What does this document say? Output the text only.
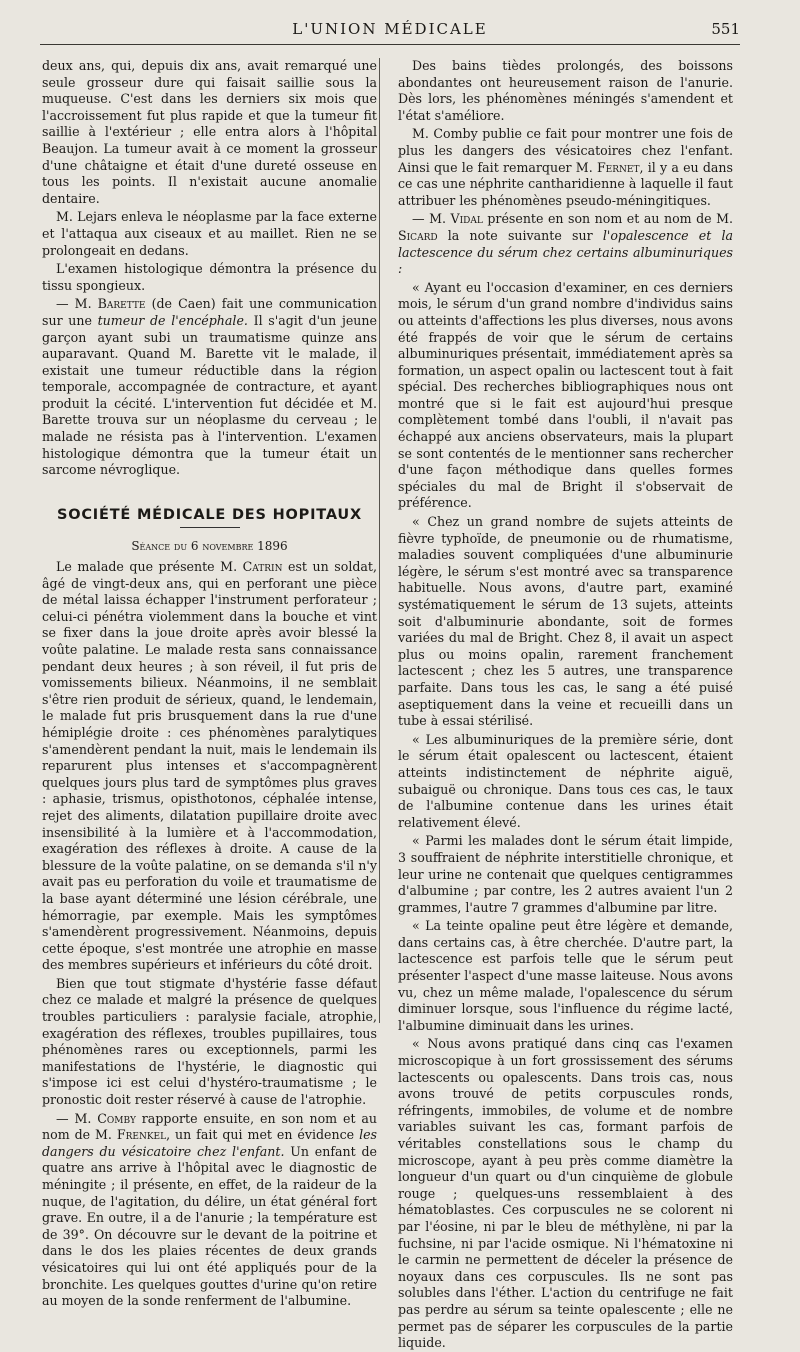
L'UNION MÉDICALE	551

deux ans, qui, depuis dix ans, avait remarqué une seule grosseur dure qui faisait saillie sous la muqueuse. C'est dans les derniers six mois que l'accroissement fut plus rapide et que la tumeur fit saillie à l'extérieur ; elle entra alors à l'hôpital Beaujon. La tumeur avait à ce moment la grosseur d'une châtaigne et était d'une dureté osseuse en tous les points. Il n'existait aucune anomalie dentaire.

M. Lejars enleva le néoplasme par la face externe et l'attaqua aux ciseaux et au maillet. Rien ne se prolongeait en dedans.

L'examen histologique démontra la présence du tissu spongieux.

— M. Barette (de Caen) fait une communication sur une tumeur de l'encéphale. Il s'agit d'un jeune garçon ayant subi un traumatisme quinze ans auparavant. Quand M. Barette vit le malade, il existait une tumeur réductible dans la région temporale, accompagnée de contracture, et ayant produit la cécité. L'intervention fut décidée et M. Barette trouva sur un néoplasme du cerveau ; le malade ne résista pas à l'intervention. L'examen histologique démontra que la tumeur était un sarcome névroglique.

SOCIÉTÉ MÉDICALE DES HOPITAUX
Séance du 6 novembre 1896

Le malade que présente M. Catrin est un soldat, âgé de vingt-deux ans, qui en perforant une pièce de métal laissa échapper l'instrument perforateur ; celui-ci pénétra violemment dans la bouche et vint se fixer dans la joue droite après avoir blessé la voûte palatine. Le malade resta sans connaissance pendant deux heures ; à son réveil, il fut pris de vomissements bilieux. Néanmoins, il ne semblait s'être rien produit de sérieux, quand, le lendemain, le malade fut pris brusquement dans la rue d'une hémiplégie droite : ces phénomènes paralytiques s'amendèrent pendant la nuit, mais le lendemain ils reparurent plus intenses et s'accompagnèrent quelques jours plus tard de symptômes plus graves : aphasie, trismus, opisthotonos, céphalée intense, rejet des aliments, dilatation pupillaire droite avec insensibilité à la lumière et à l'accommodation, exagération des réflexes à droite. A cause de la blessure de la voûte palatine, on se demanda s'il n'y avait pas eu perforation du voile et traumatisme de la base ayant déterminé une lésion cérébrale, une hémorragie, par exemple. Mais les symptômes s'amendèrent progressivement. Néanmoins, depuis cette époque, s'est montrée une atrophie en masse des membres supérieurs et inférieurs du côté droit.

Bien que tout stigmate d'hystérie fasse défaut chez ce malade et malgré la présence de quelques troubles particuliers : paralysie faciale, atrophie, exagération des réflexes, troubles pupillaires, tous phénomènes rares ou exceptionnels, parmi les manifestations de l'hystérie, le diagnostic qui s'impose ici est celui d'hystéro-traumatisme ; le pronostic doit rester réservé à cause de l'atrophie.

— M. Comby rapporte ensuite, en son nom et au nom de M. Frenkel, un fait qui met en évidence les dangers du vésicatoire chez l'enfant. Un enfant de quatre ans arrive à l'hôpital avec le diagnostic de méningite ; il présente, en effet, de la raideur de la nuque, de l'agitation, du délire, un état général fort grave. En outre, il a de l'anurie ; la température est de 39°. On découvre sur le devant de la poitrine et dans le dos les plaies récentes de deux grands vésicatoires qui lui ont été appliqués pour de la bronchite. Les quelques gouttes d'urine qu'on retire au moyen de la sonde renferment de l'albumine.

Des bains tièdes prolongés, des boissons abondantes ont heureusement raison de l'anurie. Dès lors, les phénomènes méningés s'amendent et l'état s'améliore.

M. Comby publie ce fait pour montrer une fois de plus les dangers des vésicatoires chez l'enfant. Ainsi que le fait remarquer M. Fernet, il y a eu dans ce cas une néphrite cantharidienne à laquelle il faut attribuer les phénomènes pseudo-méningitiques.

— M. Vidal présente en son nom et au nom de M. Sicard la note suivante sur l'opalescence et la lactescence du sérum chez certains albuminuriques :

« Ayant eu l'occasion d'examiner, en ces derniers mois, le sérum d'un grand nombre d'individus sains ou atteints d'affections les plus diverses, nous avons été frappés de voir que le sérum de certains albuminuriques présentait, immédiatement après sa formation, un aspect opalin ou lactescent tout à fait spécial. Des recherches bibliographiques nous ont montré que si le fait est aujourd'hui presque complètement tombé dans l'oubli, il n'avait pas échappé aux anciens observateurs, mais la plupart se sont contentés de le mentionner sans rechercher d'une façon méthodique dans quelles formes spéciales du mal de Bright il s'observait de préférence.

« Chez un grand nombre de sujets atteints de fièvre typhoïde, de pneumonie ou de rhumatisme, maladies souvent compliquées d'une albuminurie légère, le sérum s'est montré avec sa transparence habituelle. Nous avons, d'autre part, examiné systématiquement le sérum de 13 sujets, atteints soit d'albuminurie abondante, soit de formes variées du mal de Bright. Chez 8, il avait un aspect plus ou moins opalin, rarement franchement lactescent ; chez les 5 autres, une transparence parfaite. Dans tous les cas, le sang a été puisé aseptiquement dans la veine et recueilli dans un tube à essai stérilisé.

« Les albuminuriques de la première série, dont le sérum était opalescent ou lactescent, étaient atteints indistinctement de néphrite aiguë, subaiguë ou chronique. Dans tous ces cas, le taux de l'albumine contenue dans les urines était relativement élevé.

« Parmi les malades dont le sérum était limpide, 3 souffraient de néphrite interstitielle chronique, et leur urine ne contenait que quelques centigrammes d'albumine ; par contre, les 2 autres avaient l'un 2 grammes, l'autre 7 grammes d'albumine par litre.

« La teinte opaline peut être légère et demande, dans certains cas, à être cherchée. D'autre part, la lactescence est parfois telle que le sérum peut présenter l'aspect d'une masse laiteuse. Nous avons vu, chez un même malade, l'opalescence du sérum diminuer lorsque, sous l'influence du régime lacté, l'albumine diminuait dans les urines.

« Nous avons pratiqué dans cinq cas l'examen microscopique à un fort grossissement des sérums lactescents ou opalescents. Dans trois cas, nous avons trouvé de petits corpuscules ronds, réfringents, immobiles, de volume et de nombre variables suivant les cas, formant parfois de véritables constellations sous le champ du microscope, ayant à peu près comme diamètre la longueur d'un quart ou d'un cinquième de globule rouge ; quelques-uns ressemblaient à des hématoblastes. Ces corpuscules ne se colorent ni par l'éosine, ni par le bleu de méthylène, ni par la fuchsine, ni par l'acide osmique. Ni l'hématoxine ni le carmin ne permettent de déceler la présence de noyaux dans ces corpuscules. Ils ne sont pas solubles dans l'éther. L'action du centrifuge ne fait pas perdre au sérum sa teinte opalescente ; elle ne permet pas de séparer les corpuscules de la partie liquide.
